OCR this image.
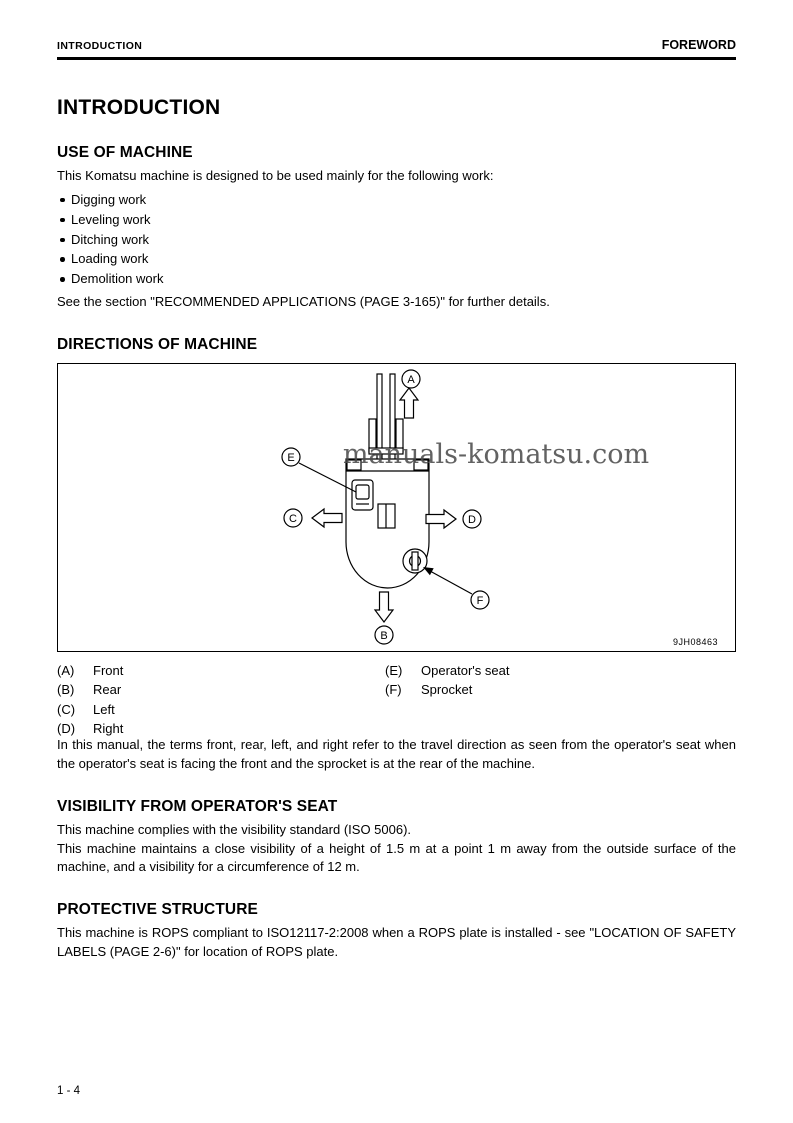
INTRODUCTION	FOREWORD
INTRODUCTION
USE OF MACHINE

This Komatsu machine is designed to be used mainly for the following work:

Digging work
Leveling work
Ditching work
Loading work
Demolition work

See the section "RECOMMENDED APPLICATIONS (PAGE 3-165)" for further details.

DIRECTIONS OF MACHINE
A
B
C	D
E
F
manuals-komatsu.com
9JH08463
(A)	Front	(E)	Operator's seat
(B)	Rear	(F)	Sprocket
(C)	Left
(D)	Right

In this manual, the terms front, rear, left, and right refer to the travel direction as seen from the operator's seat when the operator's seat is facing the front and the sprocket is at the rear of the machine.

VISIBILITY FROM OPERATOR'S SEAT

This machine complies with the visibility standard (ISO 5006).

This machine maintains a close visibility of a height of 1.5 m at a point 1 m away from the outside surface of the machine, and a visibility for a circumference of 12 m.

PROTECTIVE STRUCTURE

This machine is ROPS compliant to ISO12117-2:2008 when a ROPS plate is installed - see "LOCATION OF SAFETY LABELS (PAGE 2-6)" for location of ROPS plate.

1 - 4
